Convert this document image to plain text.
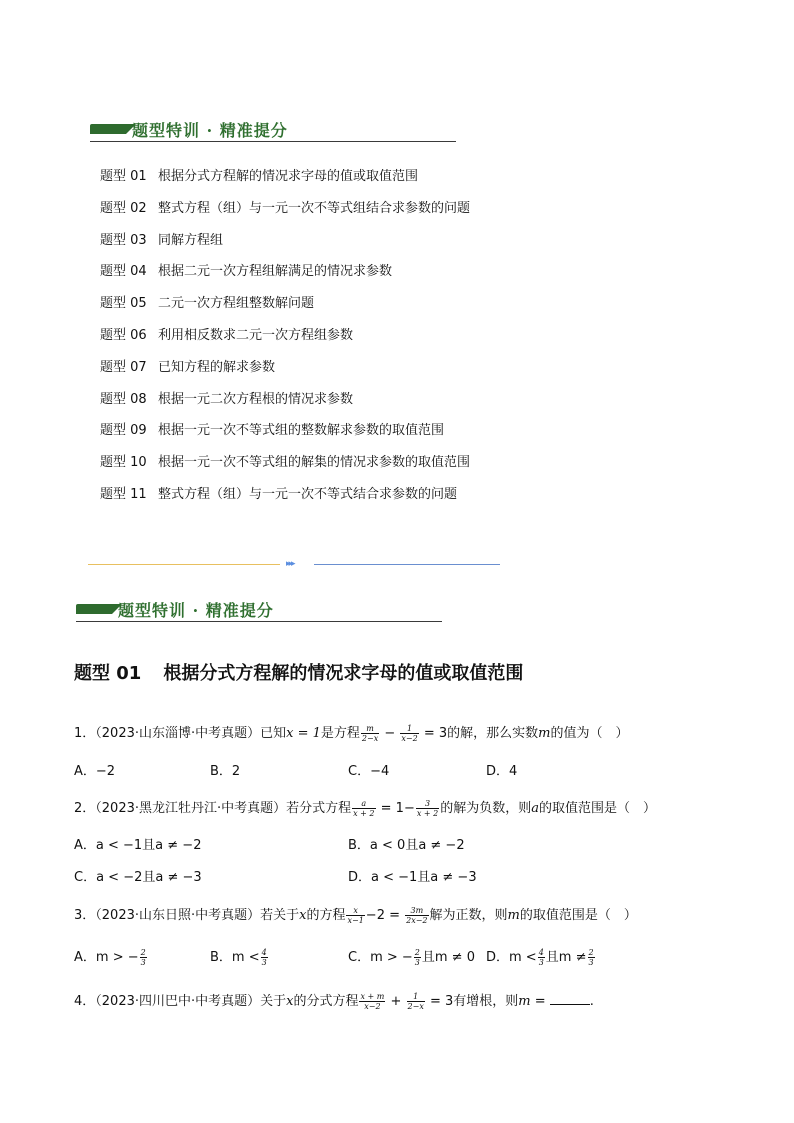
题型特训 · 精准提分
题型 01 根据分式方程解的情况求字母的值或取值范围
题型 02 整式方程（组）与一元一次不等式组结合求参数的问题
题型 03 同解方程组
题型 04 根据二元一次方程组解满足的情况求参数
题型 05 二元一次方程组整数解问题
题型 06 利用相反数求二元一次方程组参数
题型 07 已知方程的解求参数
题型 08 根据一元二次方程根的情况求参数
题型 09 根据一元一次不等式组的整数解求参数的取值范围
题型 10 根据一元一次不等式组的解集的情况求参数的取值范围
题型 11 整式方程（组）与一元一次不等式结合求参数的问题
▸▸▸
题型特训 · 精准提分
题型 01 根据分式方程解的情况求字母的值或取值范围
1．（2023·山东淄博·中考真题）已知x = 1是方程 $\frac{m}{2-x} - \frac{1}{x-2} = 3$的解，那么实数m的值为（　）
A．−2	B．2	C．−4	D．4
2．（2023·黑龙江牡丹江·中考真题）若分式方程 $\frac{a}{x + 2} = 1- \frac{3}{x + 2}$ 的解为负数，则a的取值范围是（　）
A．a < −1且a ≠ −2	B．a < 0且a ≠ −2
C．a < −2且a ≠ −3	D．a < −1且a ≠ −3
3．（2023·山东日照·中考真题）若关于x的方程 $\frac{x}{x-1} -2 = \frac{3m}{2x-2}$ 解为正数，则m的取值范围是（　）
A．m > − $\frac{2}{3}$	B．$m < \frac{4}{3}$	C．m > − $\frac{2}{3}$ 且m ≠ 0 D．$m < \frac{4}{3}$ 且$m \ne \frac{2}{3}$
4．（2023·四川巴中·中考真题）关于x的分式方程 $\frac{x + m}{x-2} + \frac{1}{2-x} = 3$有增根，则m =	.
